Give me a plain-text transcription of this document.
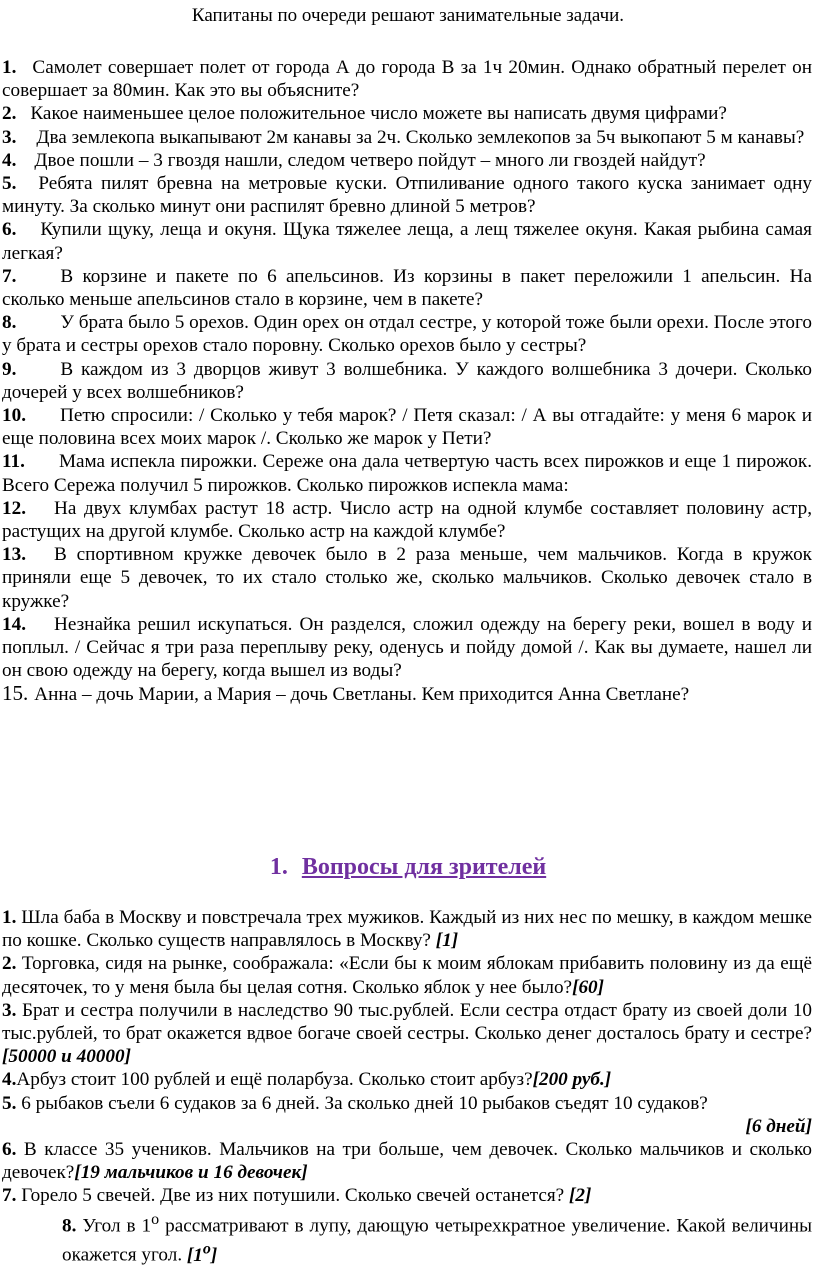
Капитаны по очереди решают занимательные задачи.

1. Самолет совершает полет от города А до города В за 1ч 20мин. Однако обратный перелет он совершает за 80мин. Как это вы объясните?

2. Какое наименьшее целое положительное число можете вы написать двумя цифрами?

3. Два землекопа выкапывают 2м канавы за 2ч. Сколько землекопов за 5ч выкопают 5 м канавы?

4. Двое пошли – 3 гвоздя нашли, следом четверо пойдут – много ли гвоздей найдут?

5. Ребята пилят бревна на метровые куски. Отпиливание одного такого куска занимает одну минуту. За сколько минут они распилят бревно длиной 5 метров?

6. Купили щуку, леща и окуня. Щука тяжелее леща, а лещ тяжелее окуня. Какая рыбина самая легкая?

7. В корзине и пакете по 6 апельсинов. Из корзины в пакет переложили 1 апельсин. На сколько меньше апельсинов стало в корзине, чем в пакете?

8. У брата было 5 орехов. Один орех он отдал сестре, у которой тоже были орехи. После этого у брата и сестры орехов стало поровну. Сколько орехов было у сестры?

9. В каждом из 3 дворцов живут 3 волшебника. У каждого волшебника 3 дочери. Сколько дочерей у всех волшебников?

10. Петю спросили: / Сколько у тебя марок? / Петя сказал: / А вы отгадайте: у меня 6 марок и еще половина всех моих марок /. Сколько же марок у Пети?

11. Мама испекла пирожки. Сереже она дала четвертую часть всех пирожков и еще 1 пирожок. Всего Сережа получил 5 пирожков. Сколько пирожков испекла мама:

12. На двух клумбах растут 18 астр. Число астр на одной клумбе составляет половину астр, растущих на другой клумбе. Сколько астр на каждой клумбе?

13. В спортивном кружке девочек было в 2 раза меньше, чем мальчиков. Когда в кружок приняли еще 5 девочек, то их стало столько же, сколько мальчиков. Сколько девочек стало в кружке?

14. Незнайка решил искупаться. Он разделся, сложил одежду на берегу реки, вошел в воду и поплыл. / Сейчас я три раза переплыву реку, оденусь и пойду домой /. Как вы думаете, нашел ли он свою одежду на берегу, когда вышел из воды?

15. Анна – дочь Марии, а Мария – дочь Светланы. Кем приходится Анна Светлане?

1. Вопросы для зрителей

1. Шла баба в Москву и повстречала трех мужиков. Каждый из них нес по мешку, в каждом мешке по кошке. Сколько существ направлялось в Москву? [1]

2. Торговка, сидя на рынке, соображала: «Если бы к моим яблокам прибавить половину из да ещё десяточек, то у меня была бы целая сотня. Сколько яблок у нее было?[60]

3. Брат и сестра получили в наследство 90 тыс.рублей. Если сестра отдаст брату из своей доли 10 тыс.рублей, то брат окажется вдвое богаче своей сестры. Сколько денег досталось брату и сестре? [50000 и 40000]

4.Арбуз стоит 100 рублей и ещё поларбуза. Сколько стоит арбуз?[200 руб.]

5. 6 рыбаков съели 6 судаков за 6 дней. За сколько дней 10 рыбаков съедят 10 судаков?

[6 дней]

6. В классе 35 учеников. Мальчиков на три больше, чем девочек. Сколько мальчиков и сколько девочек?[19 мальчиков и 16 девочек]

7. Горело 5 свечей. Две из них потушили. Сколько свечей останется? [2]

8. Угол в $1^о$ рассматривают в лупу, дающую четырехкратное увеличение. Какой величины окажется угол. $[1^о]$
